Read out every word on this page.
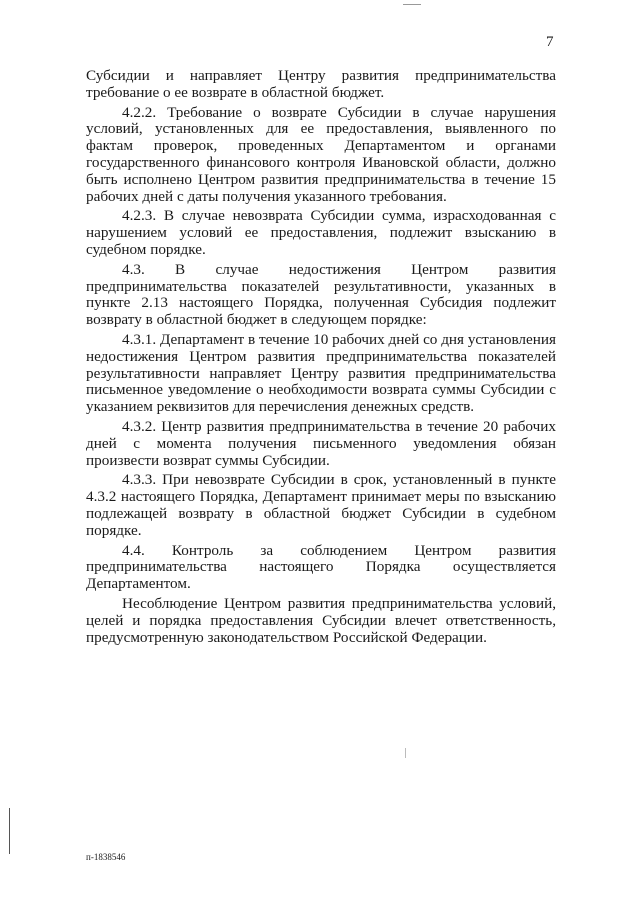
7

Субсидии и направляет Центру развития предпринимательства требование о ее возврате в областной бюджет.

4.2.2. Требование о возврате Субсидии в случае нарушения условий, установленных для ее предоставления, выявленного по фактам проверок, проведенных Департаментом и органами государственного финансового контроля Ивановской области, должно быть исполнено Центром развития предпринимательства в течение 15 рабочих дней с даты получения указанного требования.

4.2.3. В случае невозврата Субсидии сумма, израсходованная с нарушением условий ее предоставления, подлежит взысканию в судебном порядке.

4.3. В случае недостижения Центром развития предпринимательства показателей результативности, указанных в пункте 2.13 настоящего Порядка, полученная Субсидия подлежит возврату в областной бюджет в следующем порядке:

4.3.1. Департамент в течение 10 рабочих дней со дня установления недостижения Центром развития предпринимательства показателей результативности направляет Центру развития предпринимательства письменное уведомление о необходимости возврата суммы Субсидии с указанием реквизитов для перечисления денежных средств.

4.3.2. Центр развития предпринимательства в течение 20 рабочих дней с момента получения письменного уведомления обязан произвести возврат суммы Субсидии.

4.3.3. При невозврате Субсидии в срок, установленный в пункте 4.3.2 настоящего Порядка, Департамент принимает меры по взысканию подлежащей возврату в областной бюджет Субсидии в судебном порядке.

4.4. Контроль за соблюдением Центром развития предпринимательства настоящего Порядка осуществляется Департаментом.

Несоблюдение Центром развития предпринимательства условий, целей и порядка предоставления Субсидии влечет ответственность, предусмотренную законодательством Российской Федерации.

п-1838546
